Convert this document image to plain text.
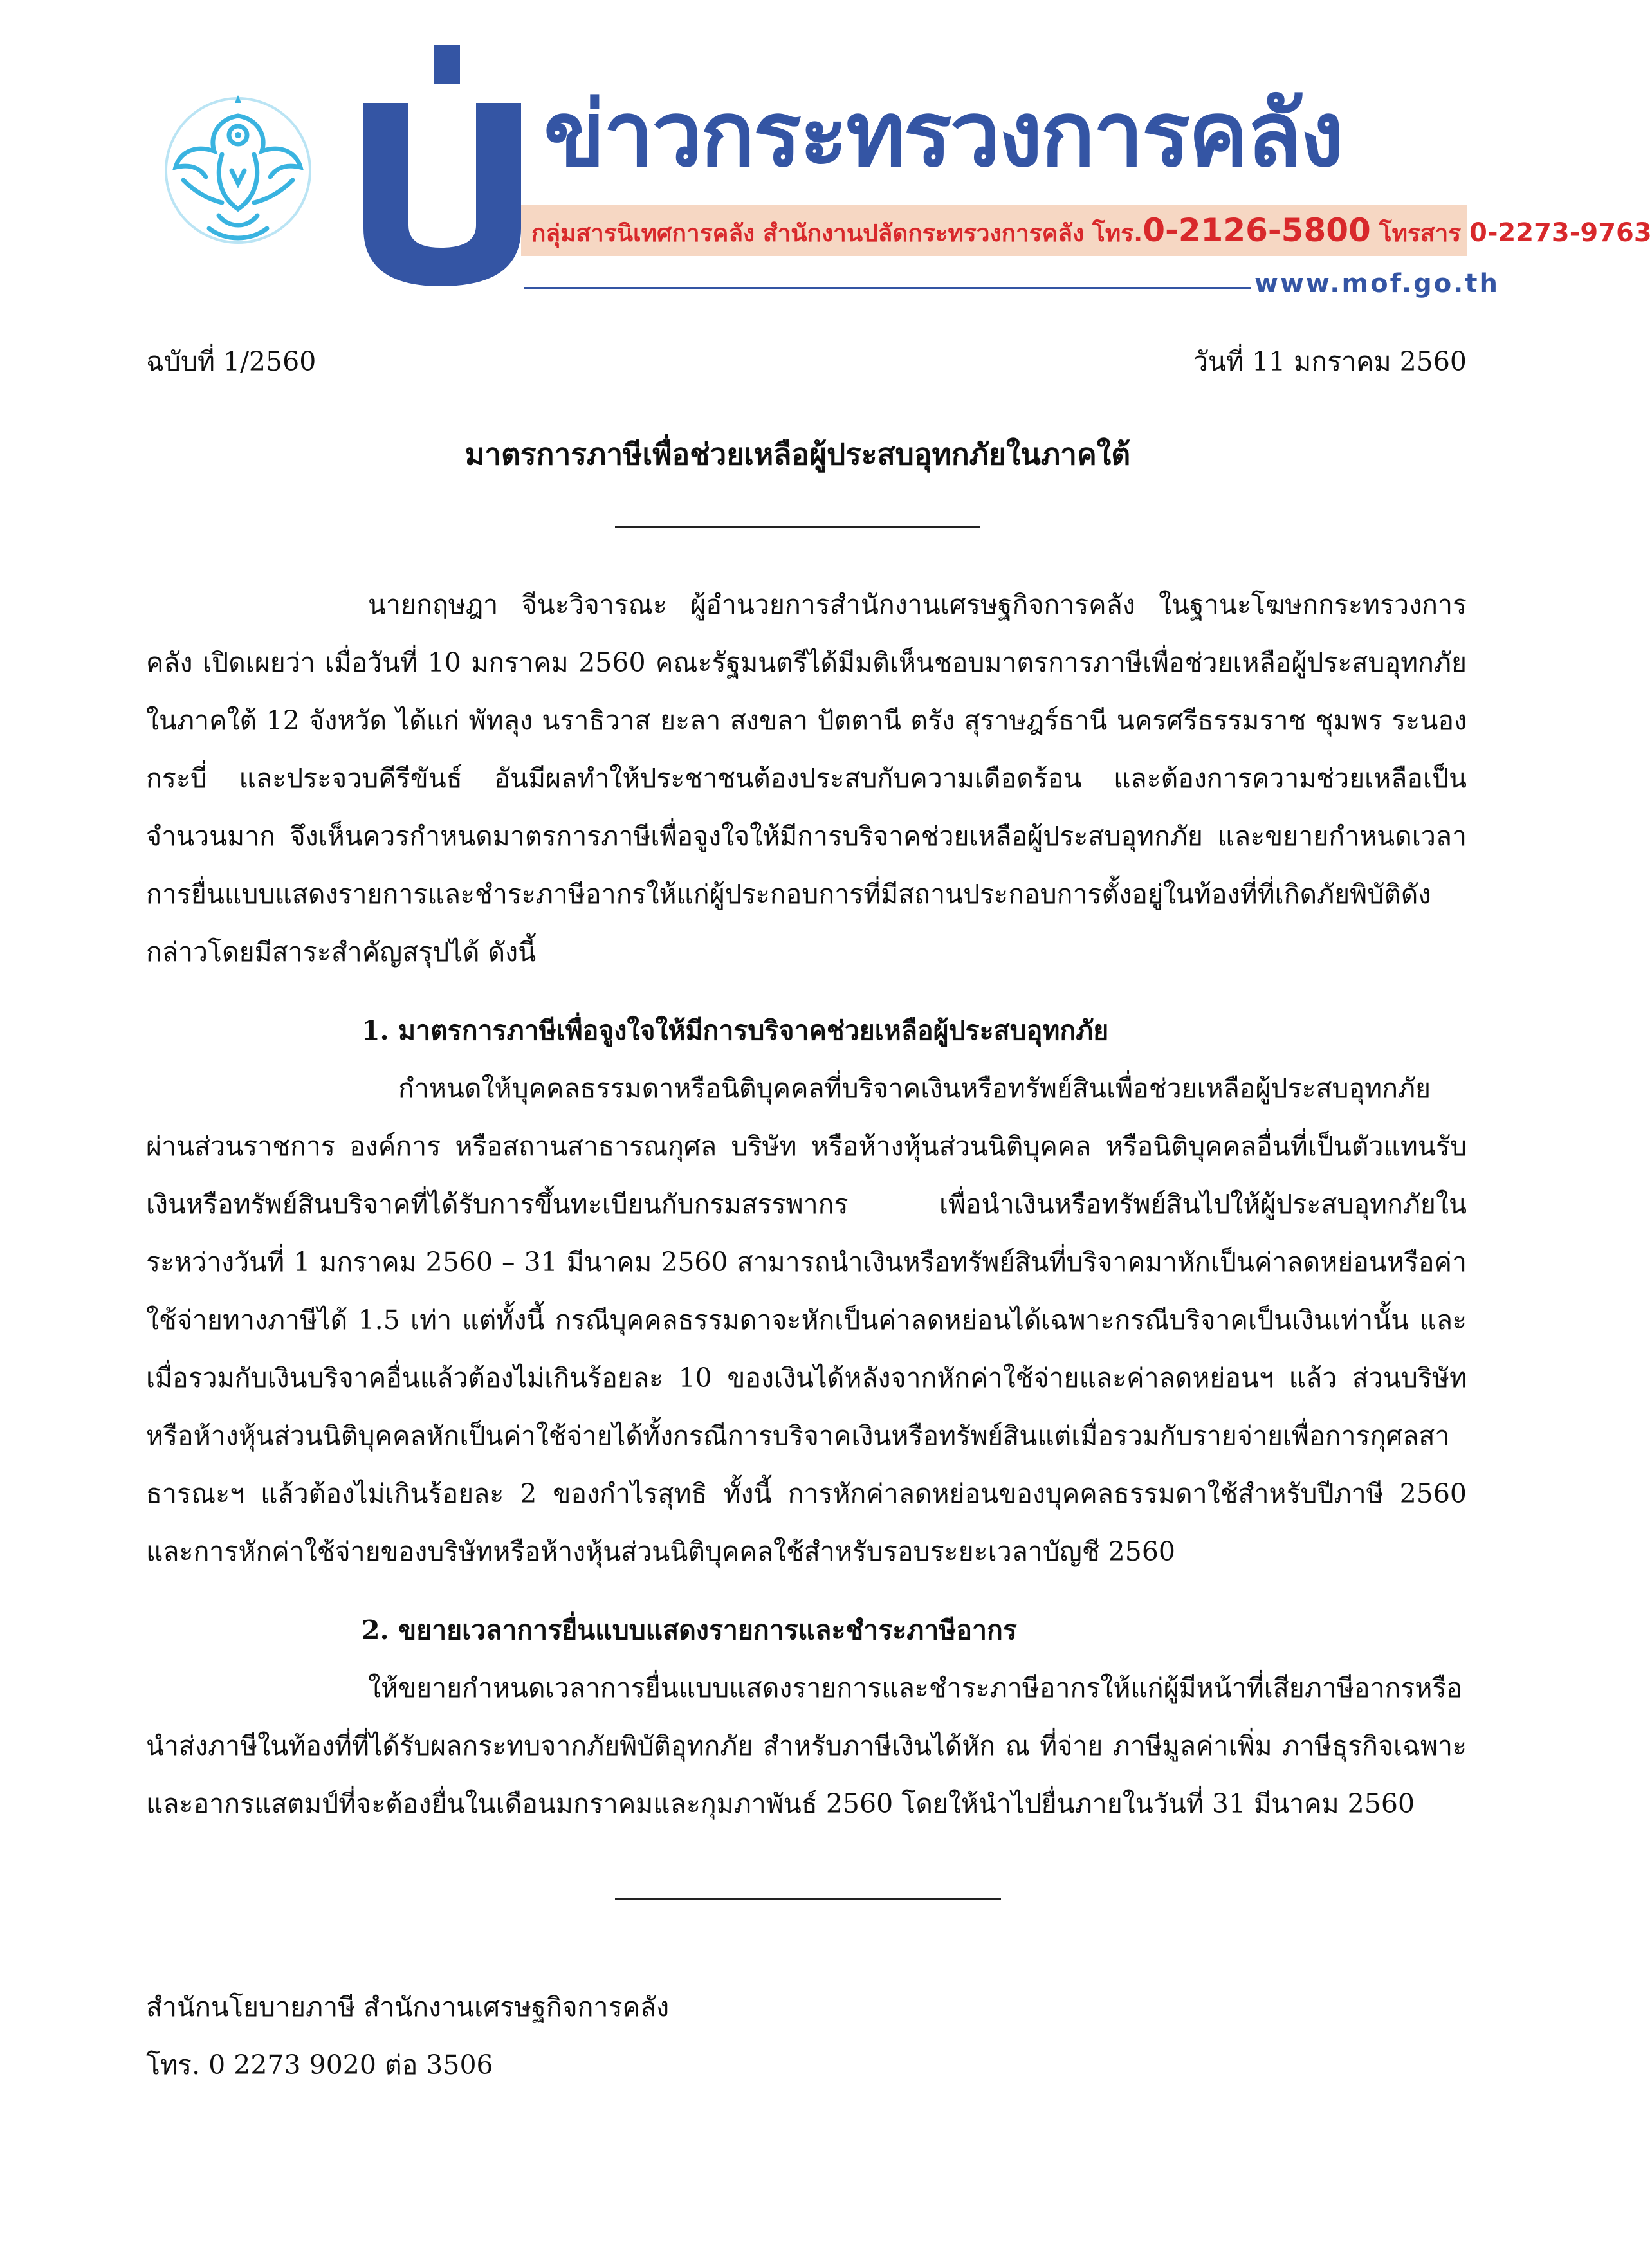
ข่าวกระทรวงการคลัง
กลุ่มสารนิเทศการคลัง สำนักงานปลัดกระทรวงการคลัง โทร.0-2126-5800 โทรสาร 0-2273-9763
www.mof.go.th
ฉบับที่ 1/2560	วันที่ 11 มกราคม 2560
มาตรการภาษีเพื่อช่วยเหลือผู้ประสบอุทกภัยในภาคใต้

นายกฤษฎา จีนะวิจารณะ ผู้อำนวยการสำนักงานเศรษฐกิจการคลัง ในฐานะโฆษกกระทรวงการคลัง เปิดเผยว่า เมื่อวันที่ 10 มกราคม 2560 คณะรัฐมนตรีได้มีมติเห็นชอบมาตรการภาษีเพื่อช่วยเหลือผู้ประสบอุทกภัยในภาคใต้ 12 จังหวัด ได้แก่ พัทลุง นราธิวาส ยะลา สงขลา ปัตตานี ตรัง สุราษฎร์ธานี นครศรีธรรมราช ชุมพร ระนอง กระบี่ และประจวบคีรีขันธ์ อันมีผลทำให้ประชาชนต้องประสบกับความเดือดร้อน และต้องการความช่วยเหลือเป็นจำนวนมาก จึงเห็นควรกำหนดมาตรการภาษีเพื่อจูงใจให้มีการบริจาคช่วยเหลือผู้ประสบอุทกภัย และขยายกำหนดเวลาการยื่นแบบแสดงรายการและชำระภาษีอากรให้แก่ผู้ประกอบการที่มีสถานประกอบการตั้งอยู่ในท้องที่ที่เกิดภัยพิบัติดังกล่าวโดยมีสาระสำคัญสรุปได้ ดังนี้

1. มาตรการภาษีเพื่อจูงใจให้มีการบริจาคช่วยเหลือผู้ประสบอุทกภัย

กำหนดให้บุคคลธรรมดาหรือนิติบุคคลที่บริจาคเงินหรือทรัพย์สินเพื่อช่วยเหลือผู้ประสบอุทกภัยผ่านส่วนราชการ องค์การ หรือสถานสาธารณกุศล บริษัท หรือห้างหุ้นส่วนนิติบุคคล หรือนิติบุคคลอื่นที่เป็นตัวแทนรับเงินหรือทรัพย์สินบริจาคที่ได้รับการขึ้นทะเบียนกับกรมสรรพากร เพื่อนำเงินหรือทรัพย์สินไปให้ผู้ประสบอุทกภัยในระหว่างวันที่ 1 มกราคม 2560 – 31 มีนาคม 2560 สามารถนำเงินหรือทรัพย์สินที่บริจาคมาหักเป็นค่าลดหย่อนหรือค่าใช้จ่ายทางภาษีได้ 1.5 เท่า แต่ทั้งนี้ กรณีบุคคลธรรมดาจะหักเป็นค่าลดหย่อนได้เฉพาะกรณีบริจาคเป็นเงินเท่านั้น และเมื่อรวมกับเงินบริจาคอื่นแล้วต้องไม่เกินร้อยละ 10 ของเงินได้หลังจากหักค่าใช้จ่ายและค่าลดหย่อนฯ แล้ว ส่วนบริษัทหรือห้างหุ้นส่วนนิติบุคคลหักเป็นค่าใช้จ่ายได้ทั้งกรณีการบริจาคเงินหรือทรัพย์สินแต่เมื่อรวมกับรายจ่ายเพื่อการกุศลสาธารณะฯ แล้วต้องไม่เกินร้อยละ 2 ของกำไรสุทธิ ทั้งนี้ การหักค่าลดหย่อนของบุคคลธรรมดาใช้สำหรับปีภาษี 2560 และการหักค่าใช้จ่ายของบริษัทหรือห้างหุ้นส่วนนิติบุคคลใช้สำหรับรอบระยะเวลาบัญชี 2560

2. ขยายเวลาการยื่นแบบแสดงรายการและชำระภาษีอากร

ให้ขยายกำหนดเวลาการยื่นแบบแสดงรายการและชำระภาษีอากรให้แก่ผู้มีหน้าที่เสียภาษีอากรหรือนำส่งภาษีในท้องที่ที่ได้รับผลกระทบจากภัยพิบัติอุทกภัย สำหรับภาษีเงินได้หัก ณ ที่จ่าย ภาษีมูลค่าเพิ่ม ภาษีธุรกิจเฉพาะ และอากรแสตมป์ที่จะต้องยื่นในเดือนมกราคมและกุมภาพันธ์ 2560 โดยให้นำไปยื่นภายในวันที่ 31 มีนาคม 2560

สำนักนโยบายภาษี สำนักงานเศรษฐกิจการคลัง
โทร. 0 2273 9020 ต่อ 3506
